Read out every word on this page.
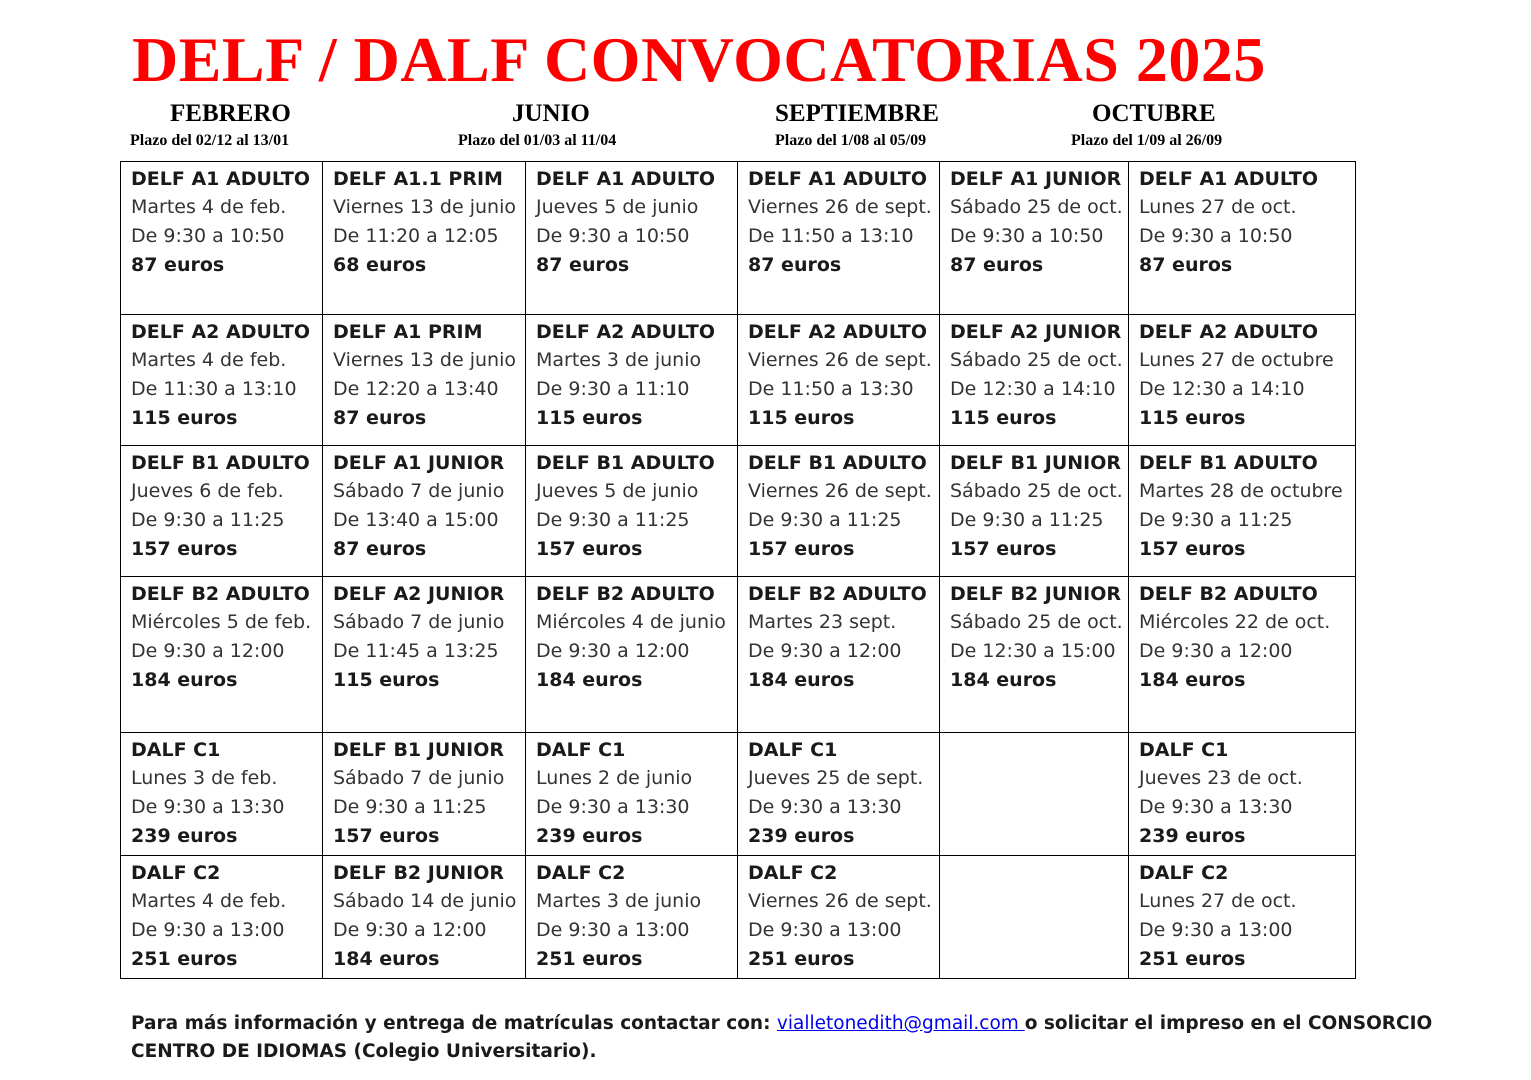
DELF / DALF CONVOCATORIAS 2025
FEBRERO
Plazo del 02/12 al 13/01
JUNIO
Plazo del 01/03 al 11/04
SEPTIEMBRE
Plazo del 1/08 al 05/09
OCTUBRE
Plazo del 1/09 al 26/09
DELF A1 ADULTO
Martes 4 de feb.
De 9:30 a 10:50
87 euros	DELF A1.1 PRIM
Viernes 13 de junio
De 11:20 a 12:05
68 euros	DELF A1 ADULTO
Jueves 5 de junio
De 9:30 a 10:50
87 euros	DELF A1 ADULTO
Viernes 26 de sept.
De 11:50 a 13:10
87 euros	DELF A1 JUNIOR
Sábado 25 de oct.
De 9:30 a 10:50
87 euros	DELF A1 ADULTO
Lunes 27 de oct.
De 9:30 a 10:50
87 euros

DELF A2 ADULTO
Martes 4 de feb.
De 11:30 a 13:10
115 euros	DELF A1 PRIM
Viernes 13 de junio
De 12:20 a 13:40
87 euros	DELF A2 ADULTO
Martes 3 de junio
De 9:30 a 11:10
115 euros	DELF A2 ADULTO
Viernes 26 de sept.
De 11:50 a 13:30
115 euros	DELF A2 JUNIOR
Sábado 25 de oct.
De 12:30 a 14:10
115 euros	DELF A2 ADULTO
Lunes 27 de octubre
De 12:30 a 14:10
115 euros

DELF B1 ADULTO
Jueves 6 de feb.
De 9:30 a 11:25
157 euros	DELF A1 JUNIOR
Sábado 7 de junio
De 13:40 a 15:00
87 euros	DELF B1 ADULTO
Jueves 5 de junio
De 9:30 a 11:25
157 euros	DELF B1 ADULTO
Viernes 26 de sept.
De 9:30 a 11:25
157 euros	DELF B1 JUNIOR
Sábado 25 de oct.
De 9:30 a 11:25
157 euros	DELF B1 ADULTO
Martes 28 de octubre
De 9:30 a 11:25
157 euros

DELF B2 ADULTO
Miércoles 5 de feb.
De 9:30 a 12:00
184 euros	DELF A2 JUNIOR
Sábado 7 de junio
De 11:45 a 13:25
115 euros	DELF B2 ADULTO
Miércoles 4 de junio
De 9:30 a 12:00
184 euros	DELF B2 ADULTO
Martes 23 sept.
De 9:30 a 12:00
184 euros	DELF B2 JUNIOR
Sábado 25 de oct.
De 12:30 a 15:00
184 euros	DELF B2 ADULTO
Miércoles 22 de oct.
De 9:30 a 12:00
184 euros

DALF C1
Lunes 3 de feb.
De 9:30 a 13:30
239 euros	DELF B1 JUNIOR
Sábado 7 de junio
De 9:30 a 11:25
157 euros	DALF C1
Lunes 2 de junio
De 9:30 a 13:30
239 euros	DALF C1
Jueves 25 de sept.
De 9:30 a 13:30
239 euros		DALF C1
Jueves 23 de oct.
De 9:30 a 13:30
239 euros

DALF C2
Martes 4 de feb.
De 9:30 a 13:00
251 euros	DELF B2 JUNIOR
Sábado 14 de junio
De 9:30 a 12:00
184 euros	DALF C2
Martes 3 de junio
De 9:30 a 13:00
251 euros	DALF C2
Viernes 26 de sept.
De 9:30 a 13:00
251 euros		DALF C2
Lunes 27 de oct.
De 9:30 a 13:00
251 euros
Para más información y entrega de matrículas contactar con: vialletonedith@gmail.com o solicitar el impreso en el CONSORCIO CENTRO DE IDIOMAS (Colegio Universitario).
